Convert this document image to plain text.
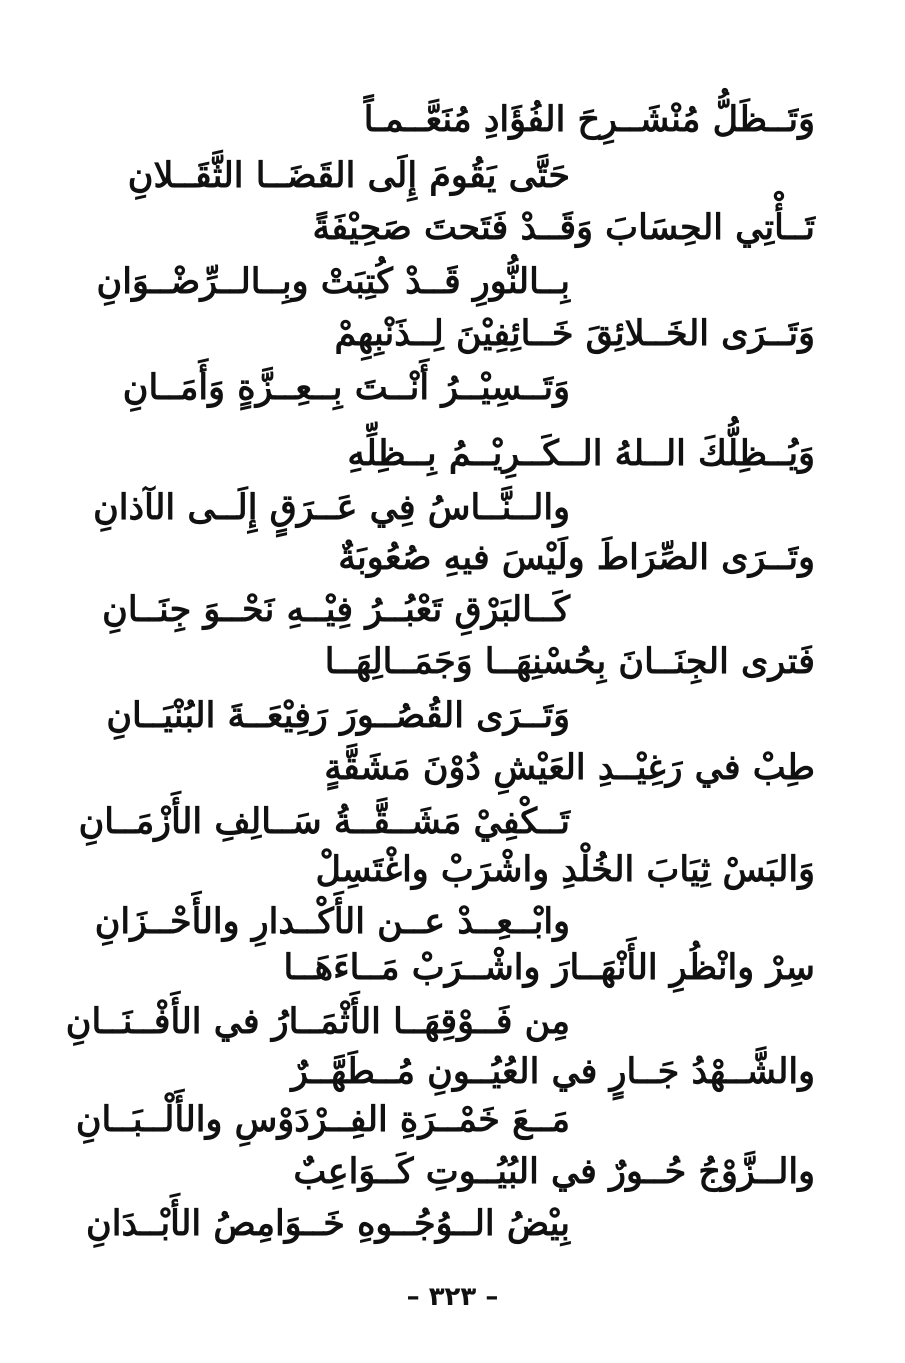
وَتَــظَلُّ مُنْشَــرِحَ الفُؤَادِ مُنَعَّــمـاً
حَتَّى يَقُومَ إِلَى القَضَــا الثَّقَــلانِ
تَــأْتِي الحِسَابَ وَقَــدْ فَتَحتَ صَحِيْفَةً
بِــالنُّورِ قَــدْ كُتِبَتْ وبِــالــرِّضْــوَانِ
وَتَــرَى الخَــلائِقَ خَــائِفِيْنَ لِــذَنْبِهِمْ
وَتَــسِيْــرُ أَنْــتَ بِــعِــزَّةٍ وَأَمَــانِ
وَيُــظِلُّكَ الــلهُ الــكَــرِيْــمُ بِــظِلِّهِ
والــنَّــاسُ فِي عَــرَقٍ إِلَــى الآذانِ
وتَــرَى الصِّرَاطَ ولَيْسَ فيهِ صُعُوبَةٌ
كَــالبَرْقِ تَعْبُــرُ فِيْــهِ نَحْــوَ جِنَــانِ
فَترى الجِنَــانَ بِحُسْنِهَــا وَجَمَــالِهَــا
وَتَــرَى القُصُــورَ رَفِيْعَــةَ البُنْيَــانِ
طِبْ في رَغِيْــدِ العَيْشِ دُوْنَ مَشَقَّةٍ
تَــكْفِيْ مَشَــقَّــةُ سَــالِفِ الأَزْمَــانِ
وَالبَسْ ثِيَابَ الخُلْدِ واشْرَبْ واغْتَسِلْ
وابْــعِــدْ عــن الأَكْــدارِ والأَحْــزَانِ
سِرْ وانْظُرِ الأَنْهَــارَ واشْــرَبْ مَــاءَهَــا
مِن فَــوْقِهَــا الأَثْمَــارُ في الأَفْــنَــانِ
والشَّــهْدُ جَــارٍ في العُيُــونِ مُــطَهَّــرٌ
مَــعَ خَمْــرَةِ الفِــرْدَوْسِ والأَلْــبَــانِ
والــزَّوْجُ حُــورٌ في البُيُــوتِ كَــوَاعِبٌ
بِيْضُ الــوُجُــوهِ خَــوَامِصُ الأَبْــدَانِ
– ٣٢٣ –
